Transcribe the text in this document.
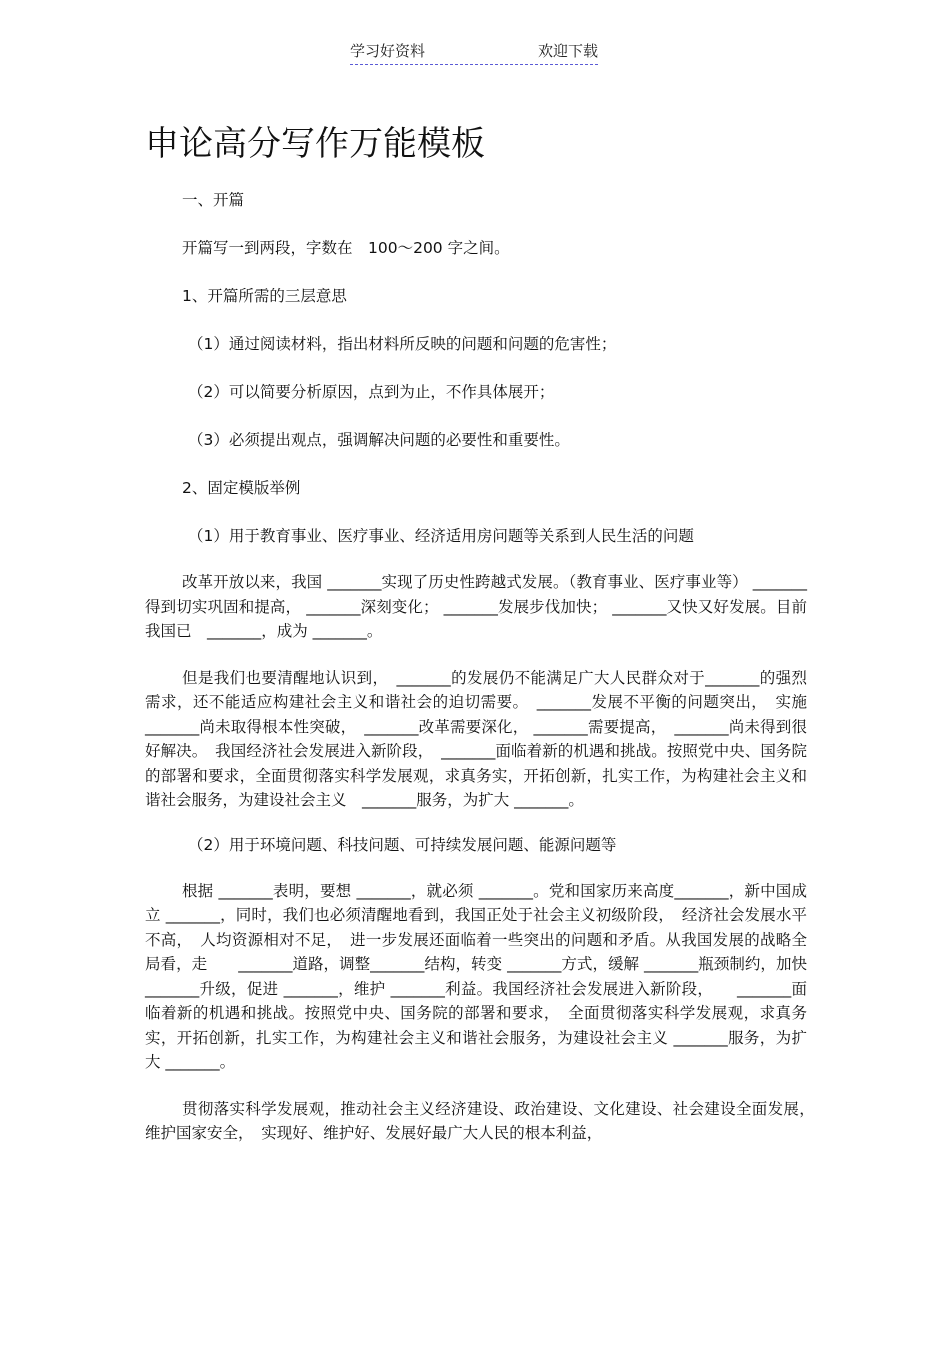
学习好资料	欢迎下载
申论高分写作万能模板

一、开篇

开篇写一到两段，字数在　100～200 字之间。

1、开篇所需的三层意思

（1）通过阅读材料，指出材料所反映的问题和问题的危害性；

（2）可以简要分析原因，点到为止，不作具体展开；

（3）必须提出观点，强调解决问题的必要性和重要性。

2、固定模版举例

（1）用于教育事业、医疗事业、经济适用房问题等关系到人民生活的问题

改革开放以来，我国 _______实现了历史性跨越式发展。（教育事业、医疗事业等） _______得到切实巩固和提高， _______深刻变化； _______发展步伐加快； _______又快又好发展。目前我国已　_______，成为 _______。

但是我们也要清醒地认识到，　_______的发展仍不能满足广大人民群众对于_______的强烈需求，还不能适应构建社会主义和谐社会的迫切需要。　_______发展不平衡的问题突出，　实施 _______尚未取得根本性突破，　_______改革需要深化， _______需要提高，　_______尚未得到很好解决。　我国经济社会发展进入新阶段，　_______面临着新的机遇和挑战。按照党中央、国务院的部署和要求，全面贯彻落实科学发展观，求真务实，开拓创新，扎实工作，为构建社会主义和谐社会服务，为建设社会主义　_______服务，为扩大 _______。

（2）用于环境问题、科技问题、可持续发展问题、能源问题等

根据 _______表明，要想 _______，就必须 _______。党和国家历来高度_______，新中国成立 _______，同时，我们也必须清醒地看到，我国正处于社会主义初级阶段，　经济社会发展水平不高，　人均资源相对不足，　进一步发展还面临着一些突出的问题和矛盾。从我国发展的战略全局看，走　　_______道路，调整_______结构，转变 _______方式，缓解 _______瓶颈制约，加快 _______升级，促进 _______，维护 _______利益。我国经济社会发展进入新阶段，　　_______面临着新的机遇和挑战。按照党中央、国务院的部署和要求，　全面贯彻落实科学发展观，求真务实，开拓创新，扎实工作，为构建社会主义和谐社会服务，为建设社会主义 _______服务，为扩大 _______。

贯彻落实科学发展观，推动社会主义经济建设、政治建设、文化建设、社会建设全面发展，　维护国家安全，　实现好、维护好、发展好最广大人民的根本利益，
